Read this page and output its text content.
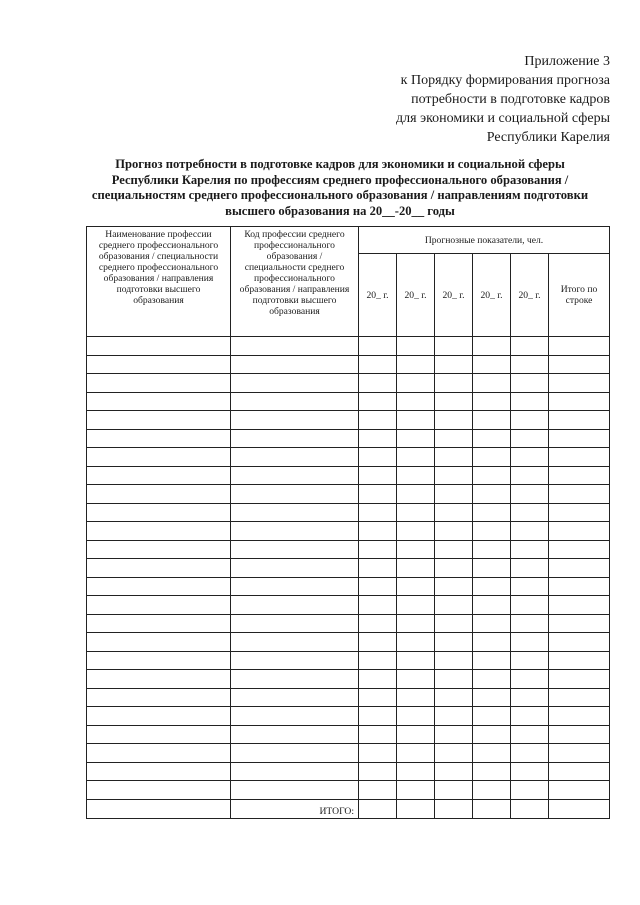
Приложение 3
к Порядку формирования прогноза
потребности в подготовке кадров
для экономики и социальной сферы
Республики Карелия
Прогноз потребности в подготовке кадров для экономики и социальной сферы
Республики Карелия по профессиям среднего профессионального образования /
специальностям среднего профессионального образования / направлениям подготовки
высшего образования на 20__-20__ годы
Наименование профессии среднего профессионального образования / специальности среднего профессионального образования / направления подготовки высшего образования	Код профессии среднего профессионального образования / специальности среднего профессионального образования / направления подготовки высшего образования	Прогнозные показатели, чел.					
		20_ г.	20_ г.	20_ г.	20_ г.	20_ г.	Итого по строке

	ИТОГО:						
